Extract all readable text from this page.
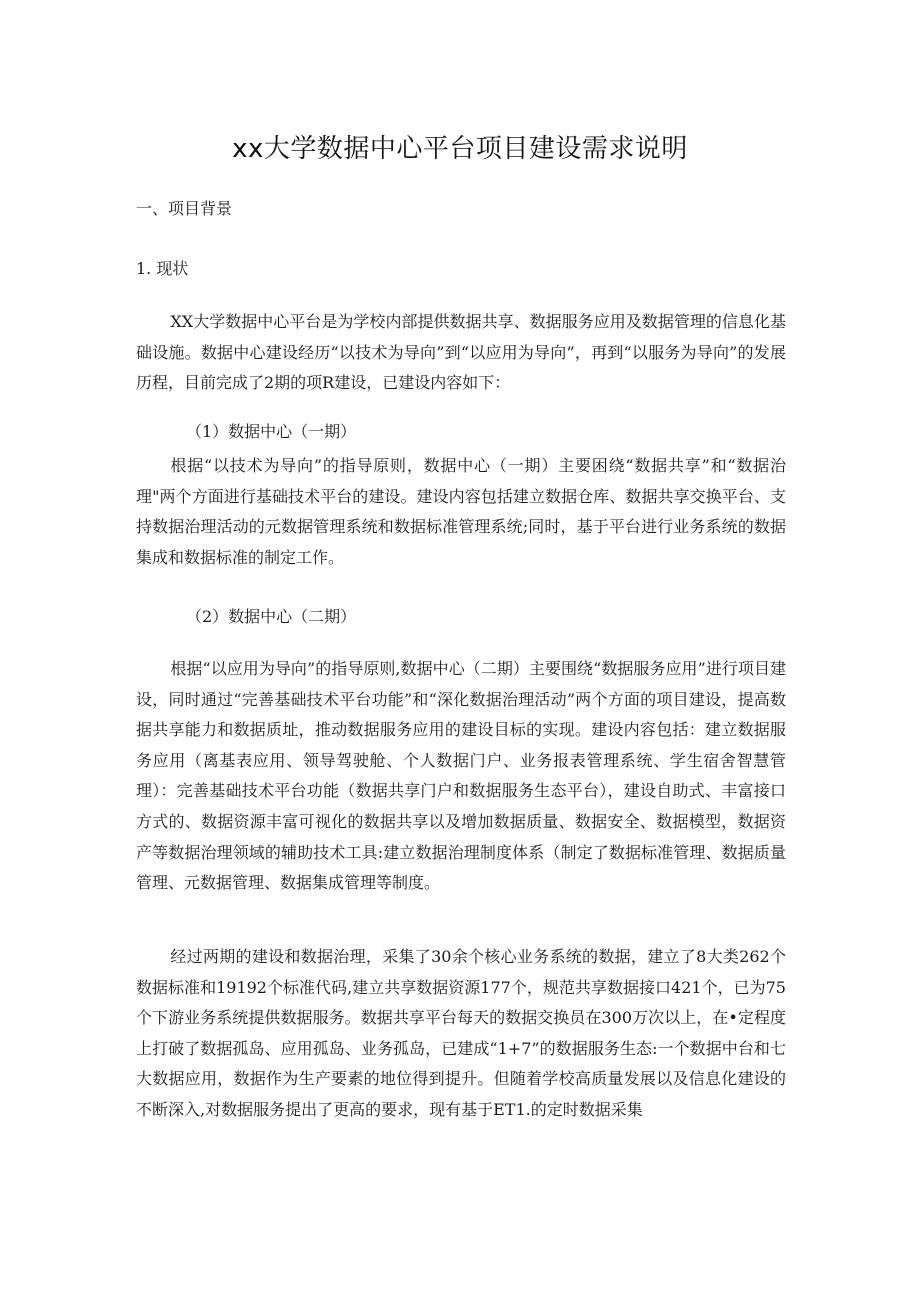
xx大学数据中心平台项目建设需求说明
一、项目背景
1. 现状

XX大学数据中心平台是为学校内部提供数据共享、数据服务应用及数据管理的信息化基础设施。数据中心建设经历“以技术为导向”到“以应用为导向”，再到“以服务为导向”的发展历程，目前完成了2期的项R建设，已建设内容如下：

（1）数据中心（一期）

根据“以技术为导向”的指导原则，数据中心（一期）主要困绕“数据共享”和“数据治理"两个方面进行基础技术平台的建设。建设内容包括建立数据仓库、数据共享交换平台、支持数据治理活动的元数据管理系统和数据标准管理系统;同时，基于平台进行业务系统的数据集成和数据标准的制定工作。

（2）数据中心（二期）

根据“以应用为导向”的指导原则,数据中心（二期）主要围绕“数据服务应用”进行项目建设，同时通过“完善基础技术平台功能”和“深化数据治理活动”两个方面的项目建设，提高数据共享能力和数据质址，推动数据服务应用的建设目标的实现。建设内容包括：建立数据服务应用（离基表应用、领导驾驶舱、个人数据门户、业务报表管理系统、学生宿舍智慧管理）：完善基础技术平台功能（数据共享门户和数据服务生态平台），建设自助式、丰富接口方式的、数据资源丰富可视化的数据共享以及增加数据质量、数据安全、数据模型，数据资产等数据治理领域的辅助技术工具:建立数据治理制度体系（制定了数据标准管理、数据质量管理、元数据管理、数据集成管理等制度。

经过两期的建设和数据治理，采集了30余个核心业务系统的数据，建立了8大类262个数据标准和19192个标准代码,建立共享数据资源177个，规范共享数据接口421个，已为75个下游业务系统提供数据服务。数据共享平台每天的数据交换员在300万次以上，在•定程度上打破了数据孤岛、应用孤岛、业务孤岛，已建成“1+7”的数据服务生态:一个数据中台和七大数据应用，数据作为生产要素的地位得到提升。但随着学校高质量发展以及信息化建设的不断深入,对数据服务提出了更高的要求，现有基于ET1.的定时数据采集
